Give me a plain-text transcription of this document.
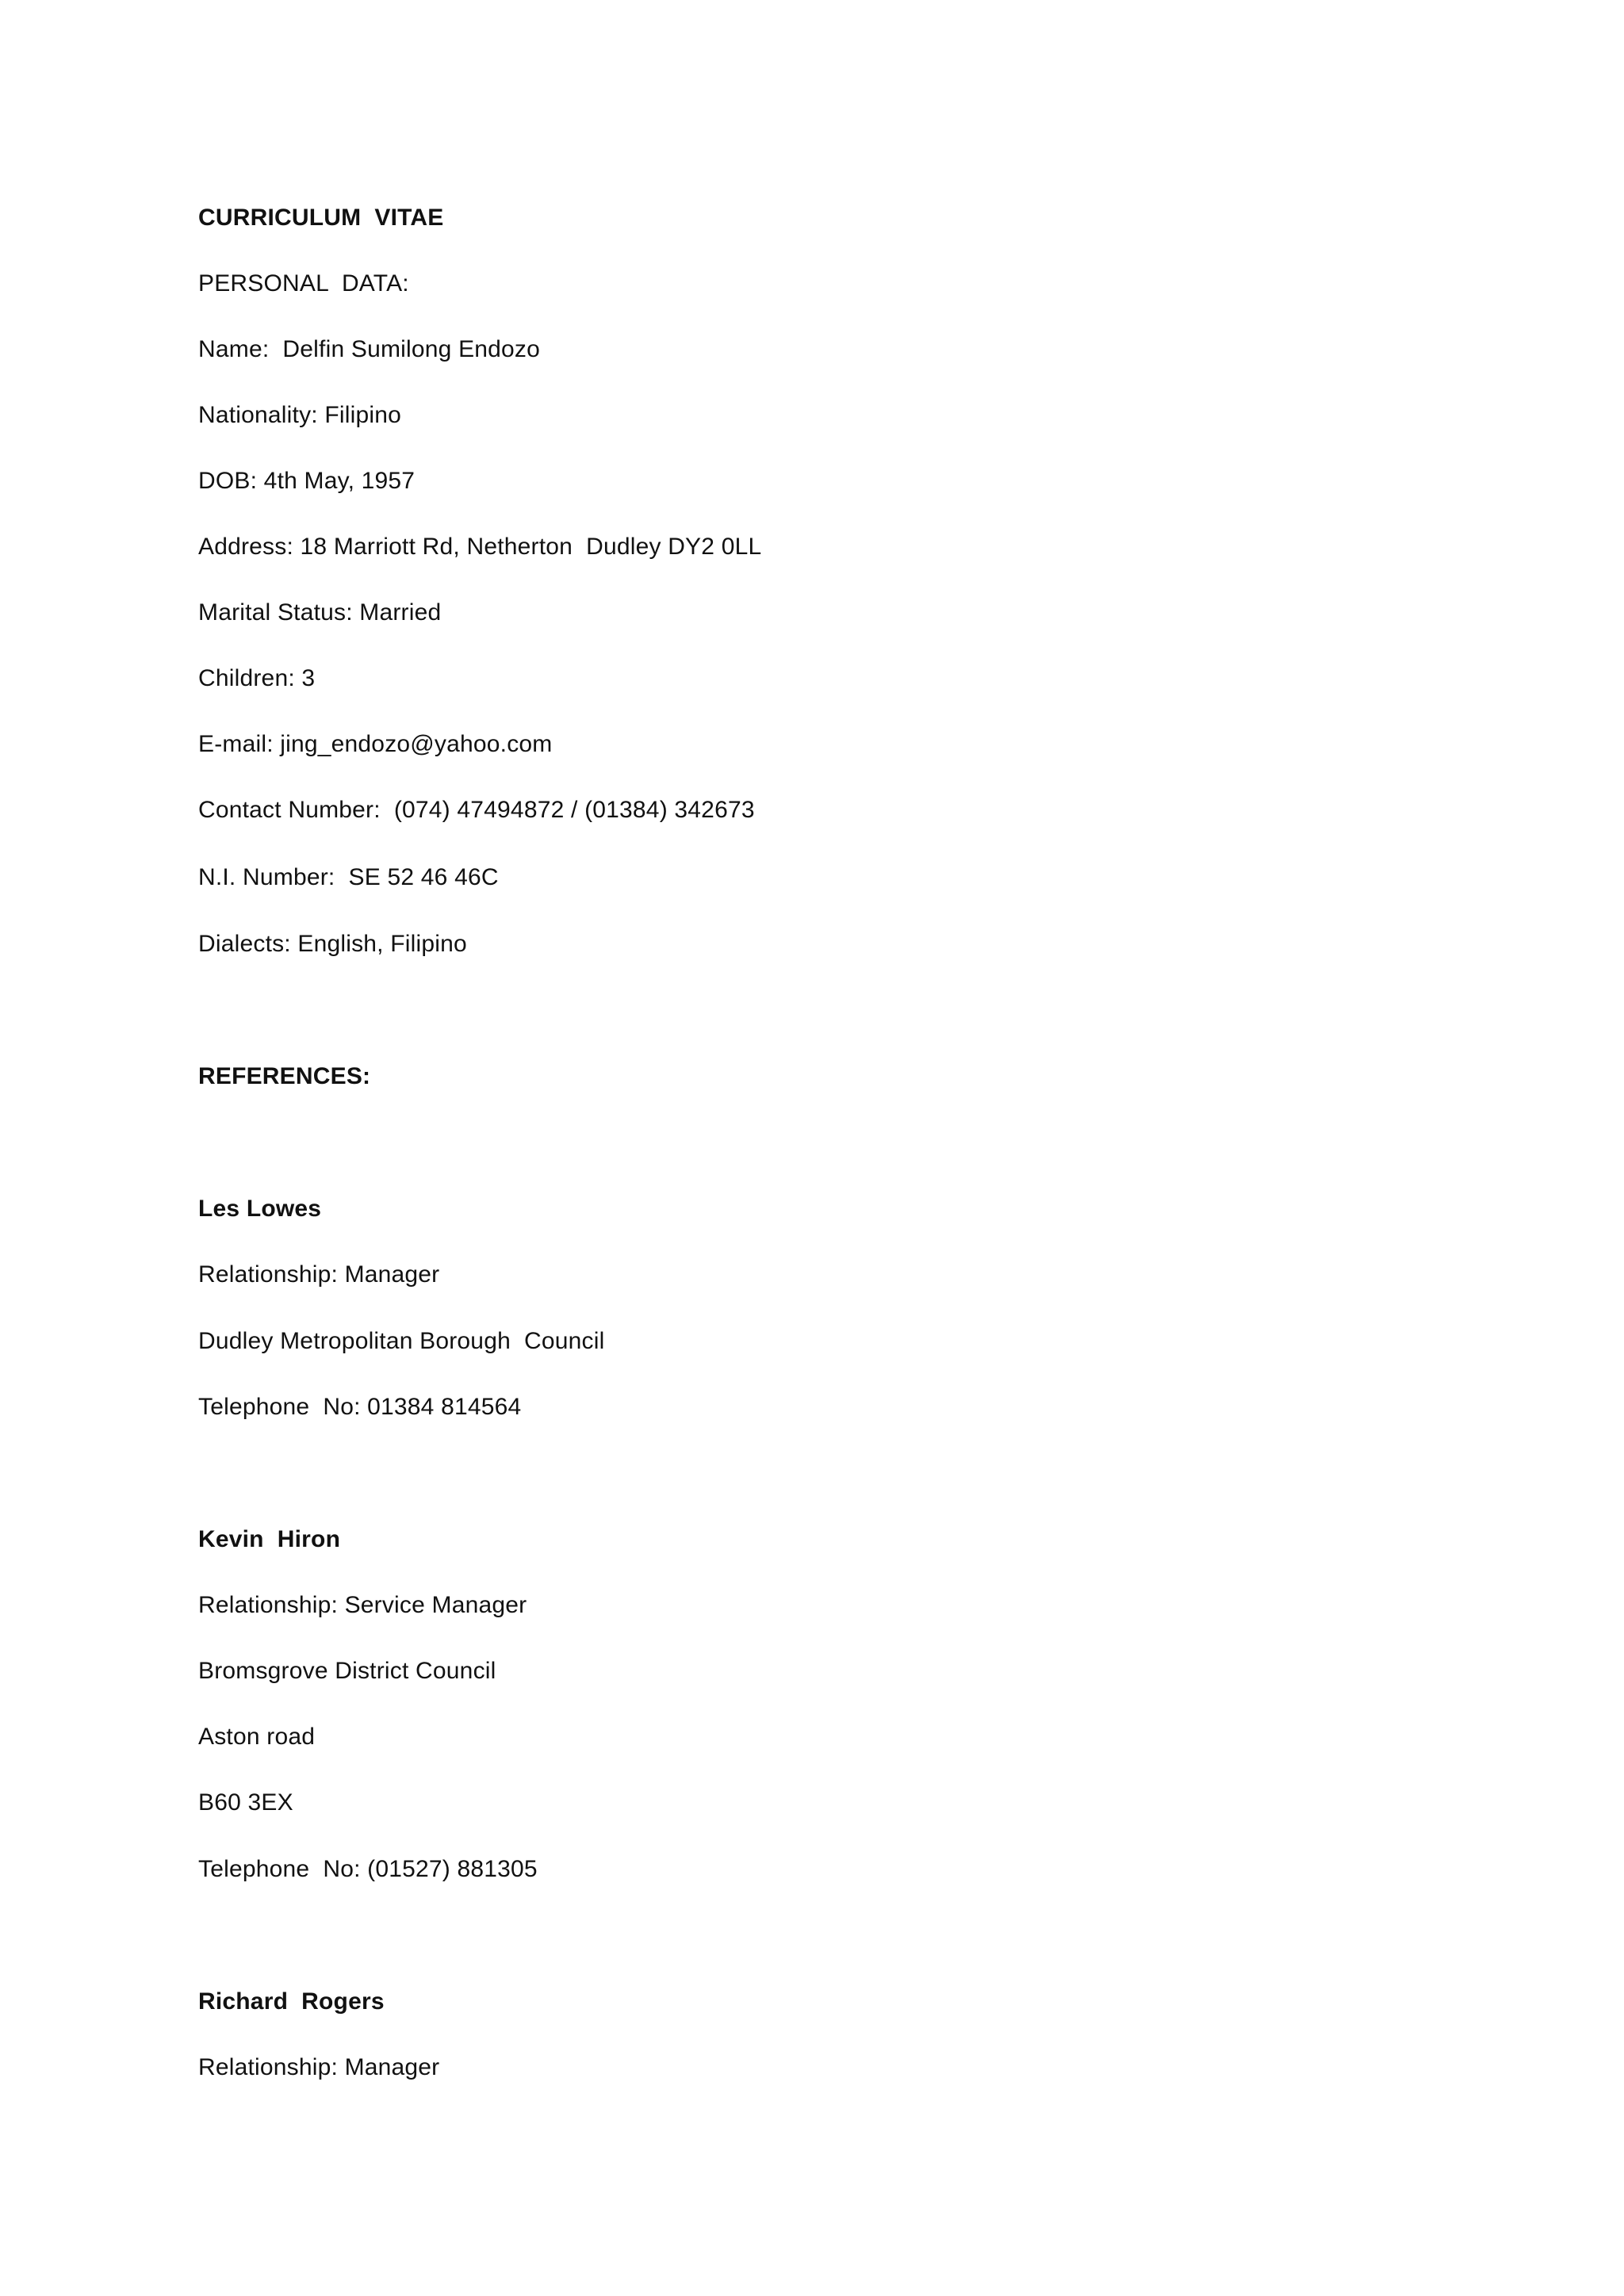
CURRICULUM  VITAE
PERSONAL  DATA:
Name:  Delfin Sumilong Endozo
Nationality: Filipino
DOB: 4th May, 1957
Address: 18 Marriott Rd, Netherton  Dudley DY2 0LL
Marital Status: Married
Children: 3
E-mail: jing_endozo@yahoo.com
Contact Number:  (074) 47494872 / (01384) 342673
N.I. Number:  SE 52 46 46C
Dialects: English, Filipino
REFERENCES:
Les Lowes
Relationship: Manager
Dudley Metropolitan Borough  Council
Telephone  No: 01384 814564
Kevin  Hiron
Relationship: Service Manager
Bromsgrove District Council
Aston road
B60 3EX
Telephone  No: (01527) 881305
Richard  Rogers
Relationship: Manager
